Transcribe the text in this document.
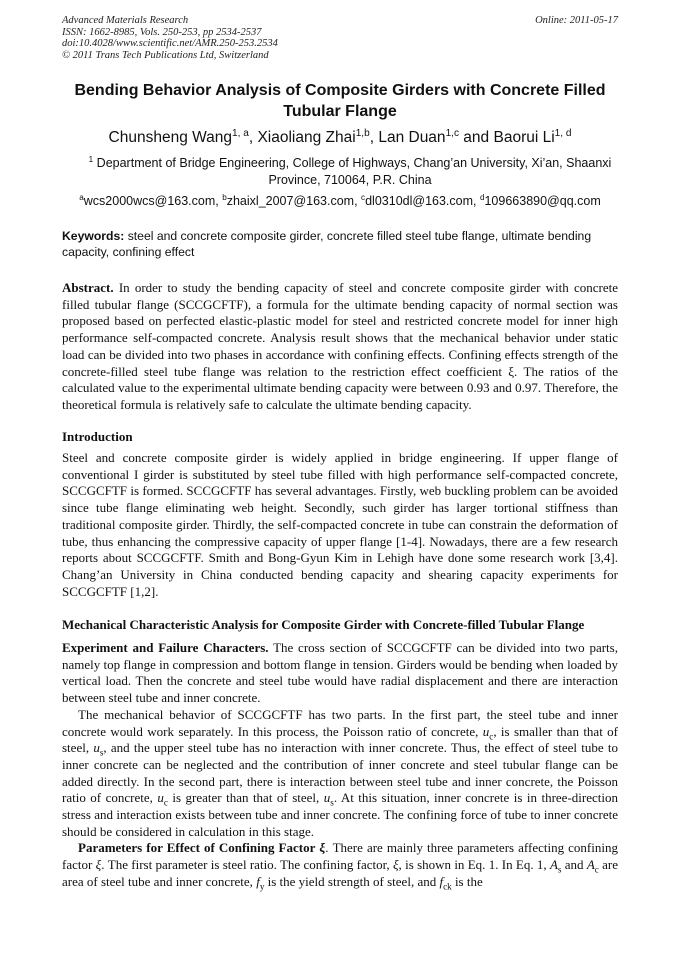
Advanced Materials Research
ISSN: 1662-8985, Vols. 250-253, pp 2534-2537
doi:10.4028/www.scientific.net/AMR.250-253.2534
© 2011 Trans Tech Publications Ltd, Switzerland
Online: 2011-05-17
Bending Behavior Analysis of Composite Girders with Concrete Filled Tubular Flange
Chunsheng Wang$^{1, a}$, Xiaoliang Zhai$^{1,b}$, Lan Duan$^{1,c}$ and Baorui Li$^{1, d}$
$^1$ Department of Bridge Engineering, College of Highways, Chang’an University, Xi’an, Shaanxi Province, 710064, P.R. China
$^a$wcs2000wcs@163.com, $^b$zhaixl_2007@163.com, $^c$dl0310dl@163.com, $^d$109663890@qq.com
Keywords: steel and concrete composite girder, concrete filled steel tube flange, ultimate bending capacity, confining effect
Abstract. In order to study the bending capacity of steel and concrete composite girder with concrete filled tubular flange (SCCGCFTF), a formula for the ultimate bending capacity of normal section was proposed based on perfected elastic-plastic model for steel and restricted concrete model for inner high performance self-compacted concrete. Analysis result shows that the mechanical behavior under static load can be divided into two phases in accordance with confining effects. Confining effects strength of the concrete-filled steel tube flange was relation to the restriction effect coefficient ξ. The ratios of the calculated value to the experimental ultimate bending capacity were between 0.93 and 0.97. Therefore, the theoretical formula is relatively safe to calculate the ultimate bending capacity.
Introduction
Steel and concrete composite girder is widely applied in bridge engineering. If upper flange of conventional I girder is substituted by steel tube filled with high performance self-compacted concrete, SCCGCFTF is formed. SCCGCFTF has several advantages. Firstly, web buckling problem can be avoided since tube flange eliminating web height. Secondly, such girder has larger tortional stiffness than traditional composite girder. Thirdly, the self-compacted concrete in tube can constrain the deformation of tube, thus enhancing the compressive capacity of upper flange [1-4]. Nowadays, there are a few research reports about SCCGCFTF. Smith and Bong-Gyun Kim in Lehigh have done some research work [3,4]. Chang’an University in China conducted bending capacity and shearing capacity experiments for SCCGCFTF [1,2].
Mechanical Characteristic Analysis for Composite Girder with Concrete-filled Tubular Flange

Experiment and Failure Characters. The cross section of SCCGCFTF can be divided into two parts, namely top flange in compression and bottom flange in tension. Girders would be bending when loaded by vertical load. Then the concrete and steel tube would have radial displacement and there are interaction between steel tube and inner concrete.

The mechanical behavior of SCCGCFTF has two parts. In the first part, the steel tube and inner concrete would work separately. In this process, the Poisson ratio of concrete, $u_c$, is smaller than that of steel, $u_s$, and the upper steel tube has no interaction with inner concrete. Thus, the effect of steel tube to inner concrete can be neglected and the contribution of inner concrete and steel tubular flange can be added directly. In the second part, there is interaction between steel tube and inner concrete, the Poisson ratio of concrete, $u_c$ is greater than that of steel, $u_s$. At this situation, inner concrete is in three-direction stress and interaction exists between tube and inner concrete. The confining force of tube to inner concrete should be considered in calculation in this stage.

Parameters for Effect of Confining Factor ξ. There are mainly three parameters affecting confining factor ξ. The first parameter is steel ratio. The confining factor, ξ, is shown in Eq. 1. In Eq. 1, $A_s$ and $A_c$ are area of steel tube and inner concrete, $f_y$ is the yield strength of steel, and $f_{ck}$ is the
